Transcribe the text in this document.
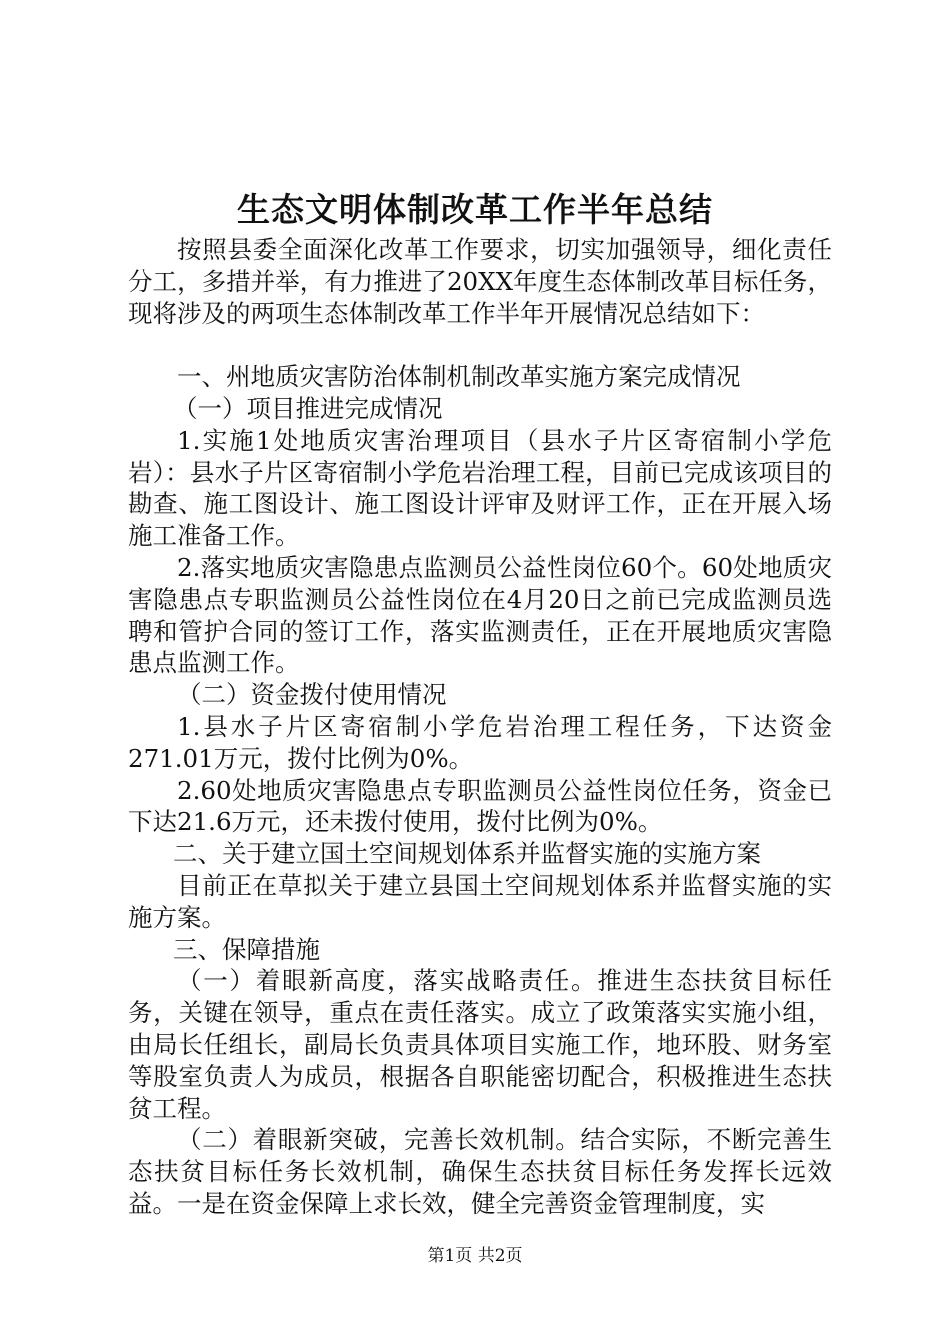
生态文明体制改革工作半年总结

按照县委全面深化改革工作要求，切实加强领导，细化责任分工，多措并举，有力推进了20XX年度生态体制改革目标任务，现将涉及的两项生态体制改革工作半年开展情况总结如下：

一、州地质灾害防治体制机制改革实施方案完成情况

（一）项目推进完成情况

1.实施1处地质灾害治理项目（县水子片区寄宿制小学危岩）：县水子片区寄宿制小学危岩治理工程，目前已完成该项目的勘查、施工图设计、施工图设计评审及财评工作，正在开展入场施工准备工作。

2.落实地质灾害隐患点监测员公益性岗位60个。60处地质灾害隐患点专职监测员公益性岗位在4月20日之前已完成监测员选聘和管护合同的签订工作，落实监测责任，正在开展地质灾害隐患点监测工作。

（二）资金拨付使用情况

1.县水子片区寄宿制小学危岩治理工程任务，下达资金271.01万元，拨付比例为0%。

2.60处地质灾害隐患点专职监测员公益性岗位任务，资金已下达21.6万元，还未拨付使用，拨付比例为0%。

二、关于建立国土空间规划体系并监督实施的实施方案

目前正在草拟关于建立县国土空间规划体系并监督实施的实施方案。

三、保障措施

（一）着眼新高度，落实战略责任。推进生态扶贫目标任务，关键在领导，重点在责任落实。成立了政策落实实施小组，由局长任组长，副局长负责具体项目实施工作，地环股、财务室等股室负责人为成员，根据各自职能密切配合，积极推进生态扶贫工程。

（二）着眼新突破，完善长效机制。结合实际，不断完善生态扶贫目标任务长效机制，确保生态扶贫目标任务发挥长远效益。一是在资金保障上求长效，健全完善资金管理制度，实

第1页 共2页
